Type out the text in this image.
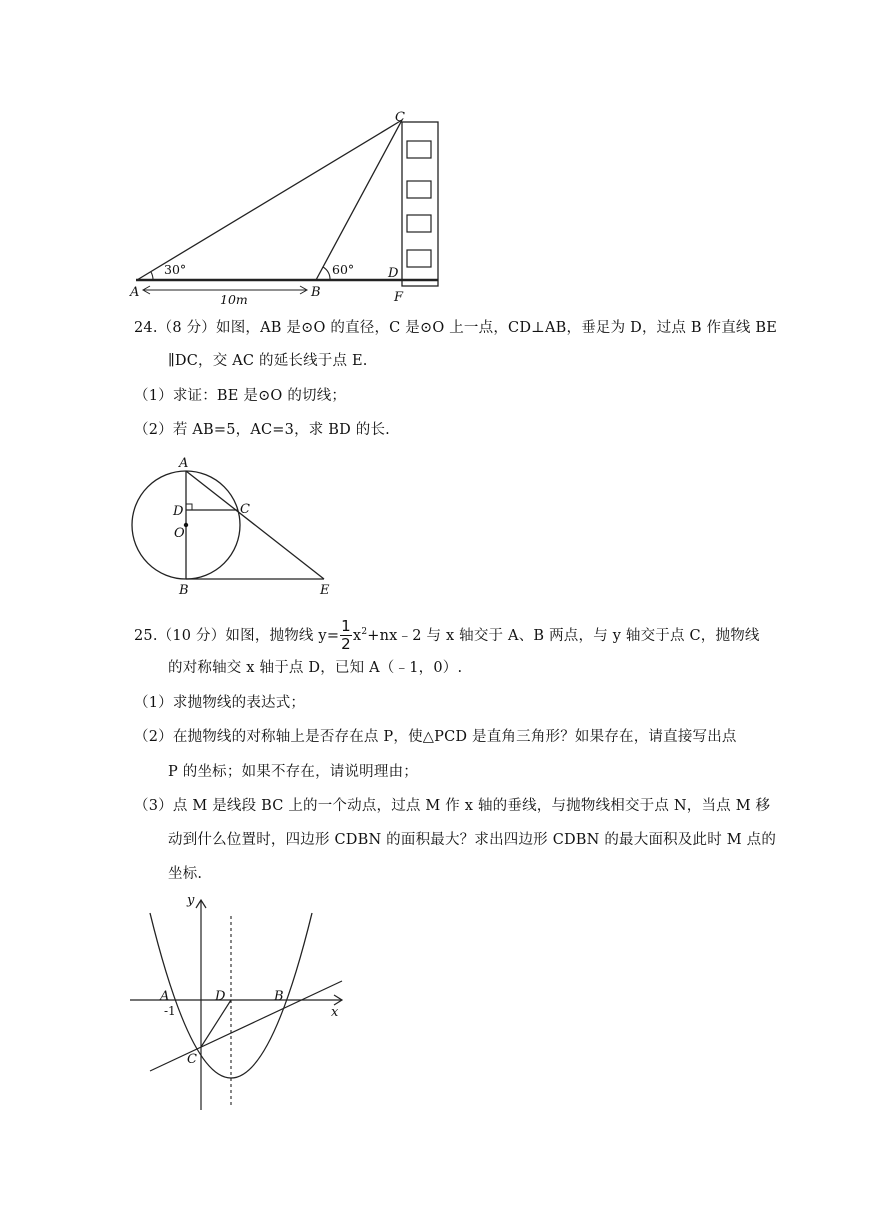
C
A	B
D
F
30°	60°
10m
24.（8 分）如图，AB 是⊙O 的直径，C 是⊙O 上一点，CD⊥AB，垂足为 D，过点 B 作直线 BE
∥DC，交 AC 的延长线于点 E.
（1）求证：BE 是⊙O 的切线；
（2）若 AB=5，AC=3，求 BD 的长.
A
D
O
C
B	E
25.（10 分）如图，抛物线 $y= \frac{1}{2}$ $x^2+nx﹣2$ 与 x 轴交于 A、B 两点，与 y 轴交于点 C，抛物线
的对称轴交 x 轴于点 D，已知 A（﹣1，0）.
（1）求抛物线的表达式；
（2）在抛物线的对称轴上是否存在点 P，使△PCD 是直角三角形？如果存在，请直接写出点
P 的坐标；如果不存在，请说明理由；
（3）点 M 是线段 BC 上的一个动点，过点 M 作 x 轴的垂线，与抛物线相交于点 N，当点 M 移
动到什么位置时，四边形 CDBN 的面积最大？求出四边形 CDBN 的最大面积及此时 M 点的
坐标.
y
x
A
-1
D	B
C
